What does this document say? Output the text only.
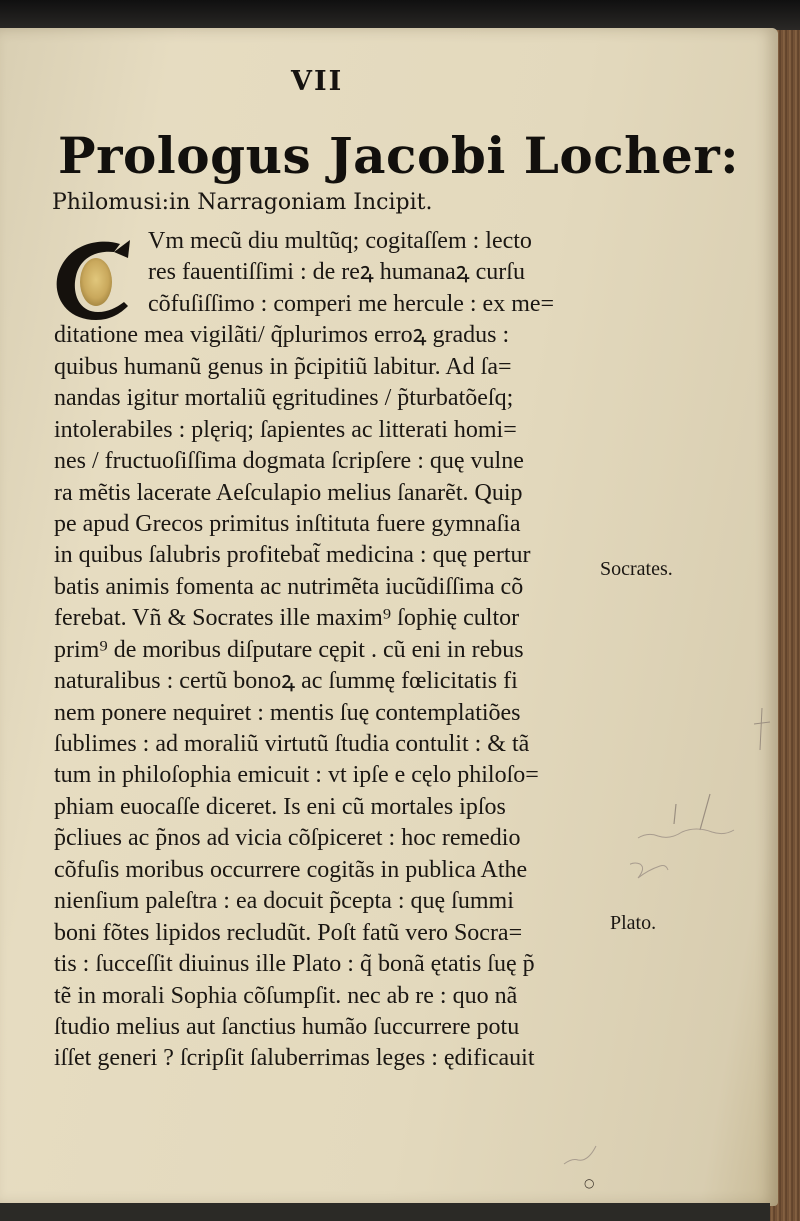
VII
Prologus Jacobi Locher:
Philomusi:in Narragoniam Incipit.
C	Vm mecũ diu multũq; cogitaſſem : lecto
res fauentiſſimi : de reꝝ humanaꝝ curſu
cõfuſiſſimo : comperi me hercule : ex me=
ditatione mea vigilãti/ q̃plurimos erroꝝ gradus :
quibus humanũ genus in p̃cipitiũ labitur. Ad ſa=
nandas igitur mortaliũ ęgritudines / p̃turbatõeſq;
intolerabiles : plęriq; ſapientes ac litterati homi=
nes / fructuoſiſſima dogmata ſcripſere : quę vulne
ra mẽtis lacerate Aeſculapio melius ſanarẽt. Quip
pe apud Grecos primitus inſtituta fuere gymnaſia
in quibus ſalubris profitebat̃ medicina : quę pertur
batis animis fomenta ac nutrimẽta iucũdiſſima cõ
ferebat. Vñ & Socrates ille maxim⁹ ſophię cultor
prim⁹ de moribus diſputare cępit . cũ eni in rebus
naturalibus : certũ bonoꝝ ac ſummę fœlicitatis fi
nem ponere nequiret : mentis ſuę contemplatiões
ſublimes : ad moraliũ virtutũ ſtudia contulit : & tã
tum in philoſophia emicuit : vt ipſe e cęlo philoſo=
phiam euocaſſe diceret. Is eni cũ mortales ipſos
p̃cliues ac p̃nos ad vicia cõſpiceret : hoc remedio
cõfuſis moribus occurrere cogitãs in publica Athe
nienſium paleſtra : ea docuit p̃cepta : quę ſummi
boni fõtes lipidos recludũt. Poſt fatũ vero Socra=
tis : ſucceſſit diuinus ille Plato : q̃ bonã ętatis ſuę p̃
tẽ in morali Sophia cõſumpſit. nec ab re : quo nã
ſtudio melius aut ſanctius humão ſuccurrere potu
iſſet generi ? ſcripſit ſaluberrimas leges : ędificauit
Socrates.
Plato.
○
